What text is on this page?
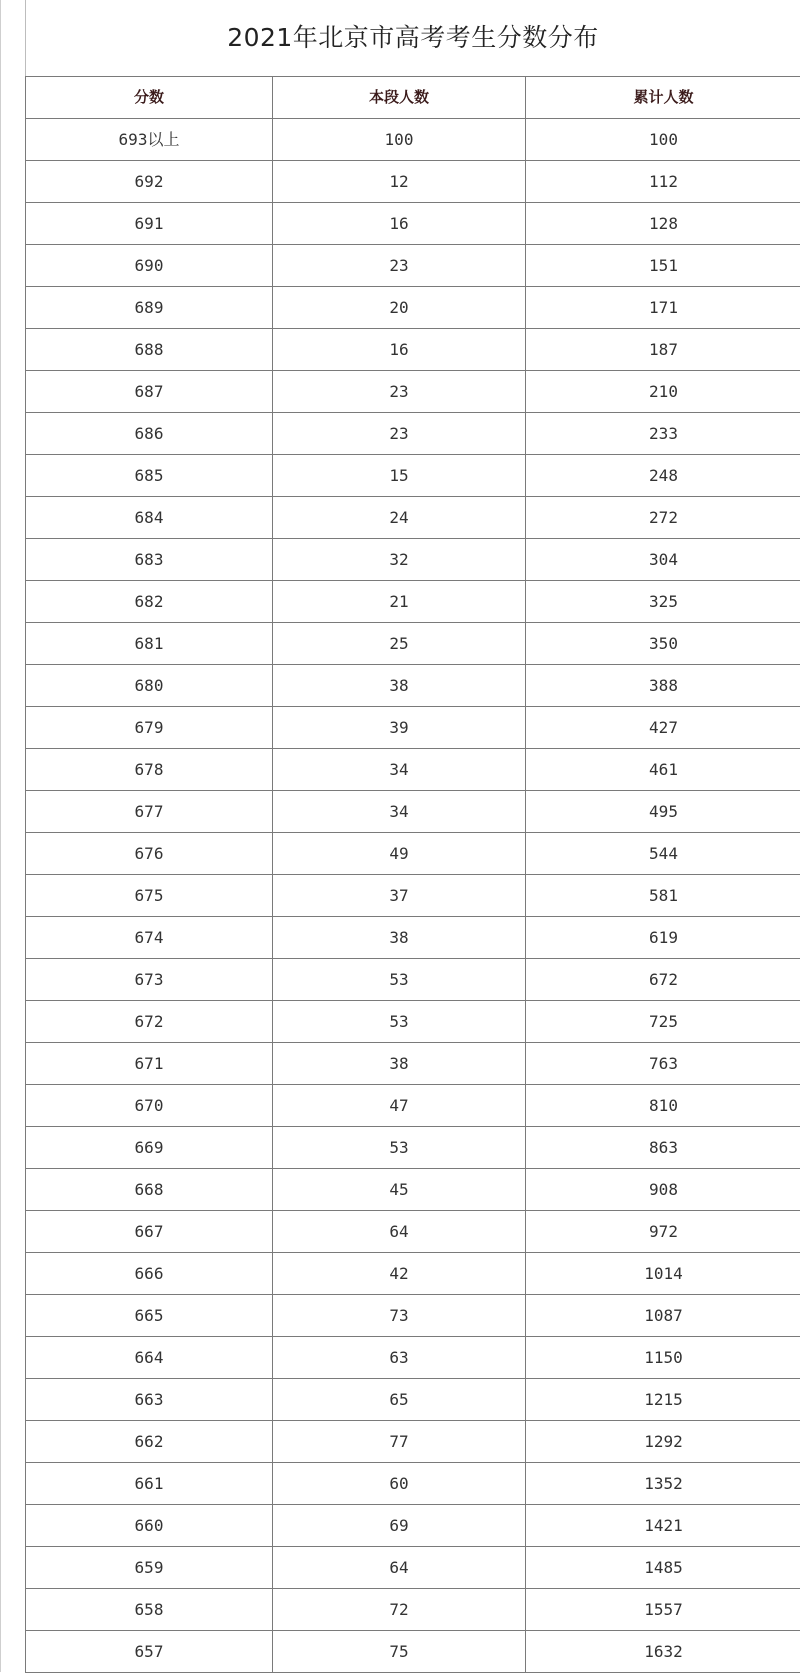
2021年北京市高考考生分数分布
分数	本段人数	累计人数
693以上	100	100
692	12	112
691	16	128
690	23	151
689	20	171
688	16	187
687	23	210
686	23	233
685	15	248
684	24	272
683	32	304
682	21	325
681	25	350
680	38	388
679	39	427
678	34	461
677	34	495
676	49	544
675	37	581
674	38	619
673	53	672
672	53	725
671	38	763
670	47	810
669	53	863
668	45	908
667	64	972
666	42	1014
665	73	1087
664	63	1150
663	65	1215
662	77	1292
661	60	1352
660	69	1421
659	64	1485
658	72	1557
657	75	1632
